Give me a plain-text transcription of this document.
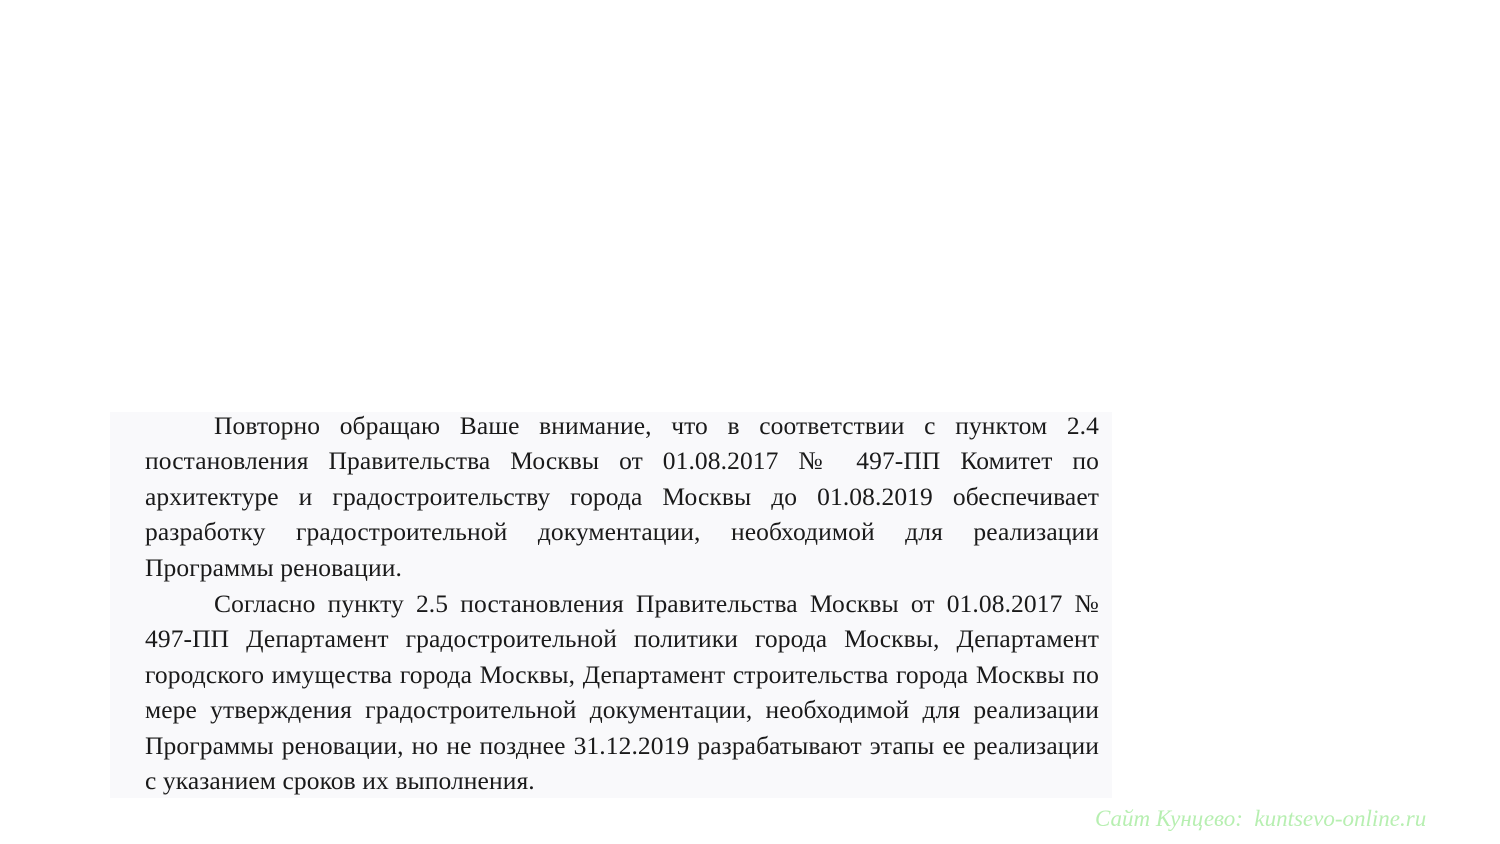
Повторно обращаю Ваше внимание, что в соответствии с пунктом 2.4 постановления Правительства Москвы от 01.08.2017 № 497-ПП Комитет по архитектуре и градостроительству города Москвы до 01.08.2019 обеспечивает разработку градостроительной документации, необходимой для реализации Программы реновации.

Согласно пункту 2.5 постановления Правительства Москвы от 01.08.2017 № 497-ПП Департамент градостроительной политики города Москвы, Департамент городского имущества города Москвы, Департамент строительства города Москвы по мере утверждения градостроительной документации, необходимой для реализации Программы реновации, но не позднее 31.12.2019 разрабатывают этапы ее реализации с указанием сроков их выполнения.

Сайт Кунцево:  kuntsevo-online.ru
